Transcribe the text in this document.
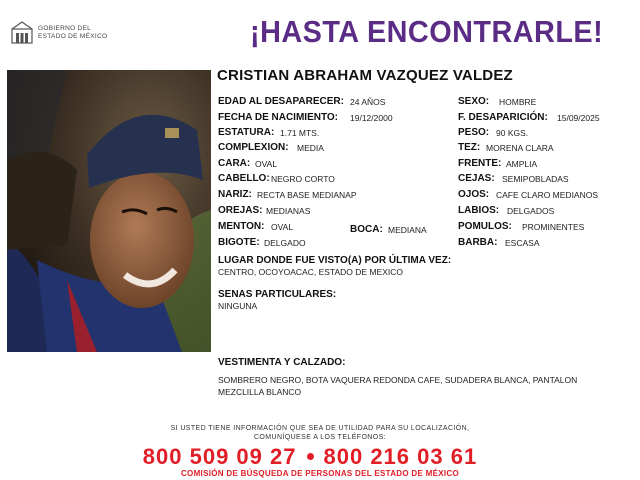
GOBIERNO DEL
ESTADO DE MÉXICO	¡HASTA ENCONTRARLE!
CRISTIAN ABRAHAM VAZQUEZ VALDEZ
EDAD AL DESAPARECER: 24 AÑOS
FECHA DE NACIMIENTO: 19/12/2000
ESTATURA: 1.71 MTS.
COMPLEXION: MEDIA
CARA: OVAL
CABELLO: NEGRO CORTO
NARIZ: RECTA BASE MEDIANAP
OREJAS: MEDIANAS
MENTON: OVAL	BOCA: MEDIANA
BIGOTE: DELGADO
SEXO: HOMBRE
F. DESAPARICIÓN: 15/09/2025
PESO: 90 KGS.
TEZ: MORENA CLARA
FRENTE: AMPLIA
CEJAS: SEMIPOBLADAS
OJOS: CAFE CLARO MEDIANOS
LABIOS: DELGADOS
POMULOS: PROMINENTES
BARBA: ESCASA
LUGAR DONDE FUE VISTO(A) POR ÚLTIMA VEZ:
CENTRO, OCOYOACAC, ESTADO DE MEXICO
SENAS PARTICULARES:
NINGUNA
VESTIMENTA Y CALZADO:
SOMBRERO NEGRO, BOTA VAQUERA REDONDA CAFE, SUDADERA BLANCA, PANTALON
MEZCLILLA BLANCO
SI USTED TIENE INFORMACIÓN QUE SEA DE UTILIDAD PARA SU LOCALIZACIÓN,
COMUNÍQUESE A LOS TELÉFONOS:
800 509 09 27 800 216 03 61
COMISIÓN DE BÚSQUEDA DE PERSONAS DEL ESTADO DE MÉXICO
